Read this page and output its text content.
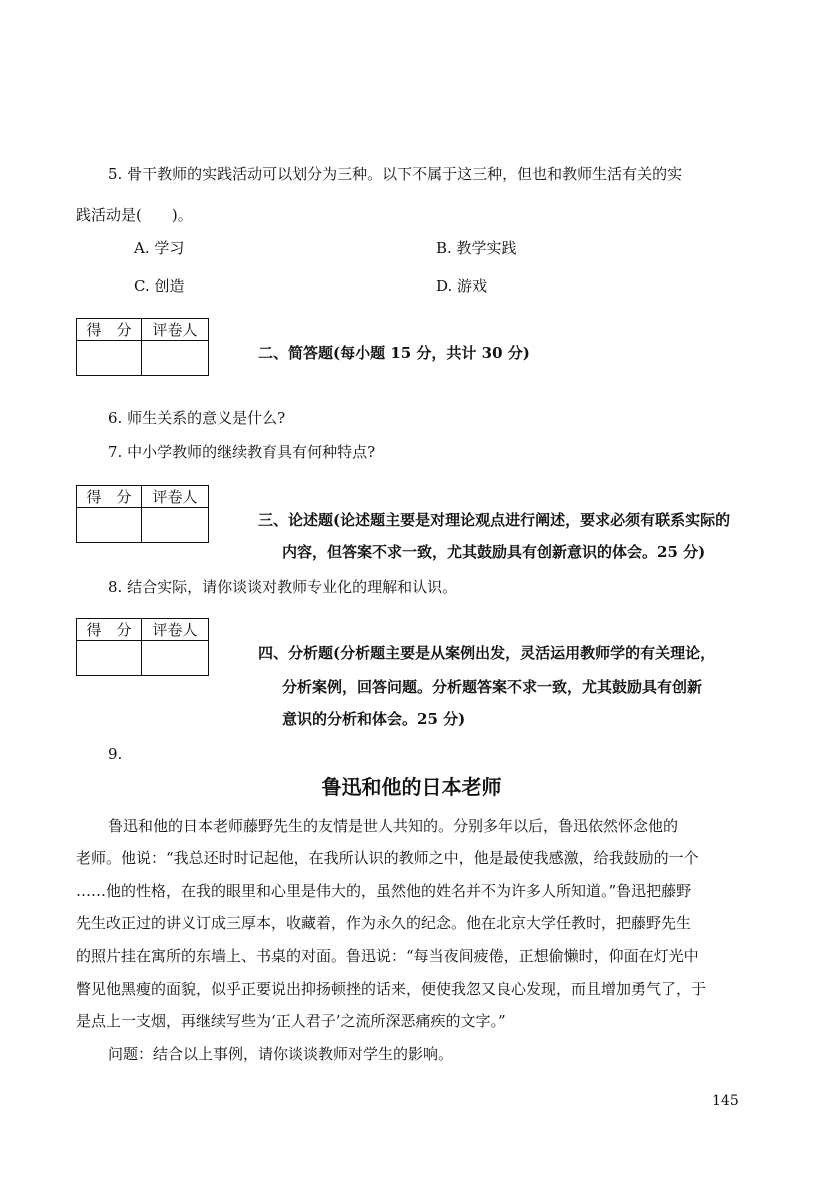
5. 骨干教师的实践活动可以划分为三种。以下不属于这三种，但也和教师生活有关的实
践活动是(　　)。
A. 学习	B. 教学实践
C. 创造	D. 游戏
得　分	评卷人

二、简答题(每小题 15 分，共计 30 分)
6. 师生关系的意义是什么?
7. 中小学教师的继续教育具有何种特点?
得　分	评卷人

三、论述题(论述题主要是对理论观点进行阐述，要求必须有联系实际的
内容，但答案不求一致，尤其鼓励具有创新意识的体会。25 分)
8. 结合实际，请你谈谈对教师专业化的理解和认识。
得　分	评卷人

四、分析题(分析题主要是从案例出发，灵活运用教师学的有关理论，
分析案例，回答问题。分析题答案不求一致，尤其鼓励具有创新
意识的分析和体会。25 分)
9.
鲁迅和他的日本老师
鲁迅和他的日本老师藤野先生的友情是世人共知的。分别多年以后，鲁迅依然怀念他的
老师。他说：“我总还时时记起他，在我所认识的教师之中，他是最使我感激，给我鼓励的一个
……他的性格，在我的眼里和心里是伟大的，虽然他的姓名并不为许多人所知道。”鲁迅把藤野
先生改正过的讲义订成三厚本，收藏着，作为永久的纪念。他在北京大学任教时，把藤野先生
的照片挂在寓所的东墙上、书桌的对面。鲁迅说：“每当夜间疲倦，正想偷懒时，仰面在灯光中
瞥见他黑瘦的面貌，似乎正要说出抑扬顿挫的话来，便使我忽又良心发现，而且增加勇气了，于
是点上一支烟，再继续写些为‘正人君子’之流所深恶痛疾的文字。”
问题：结合以上事例，请你谈谈教师对学生的影响。
145
